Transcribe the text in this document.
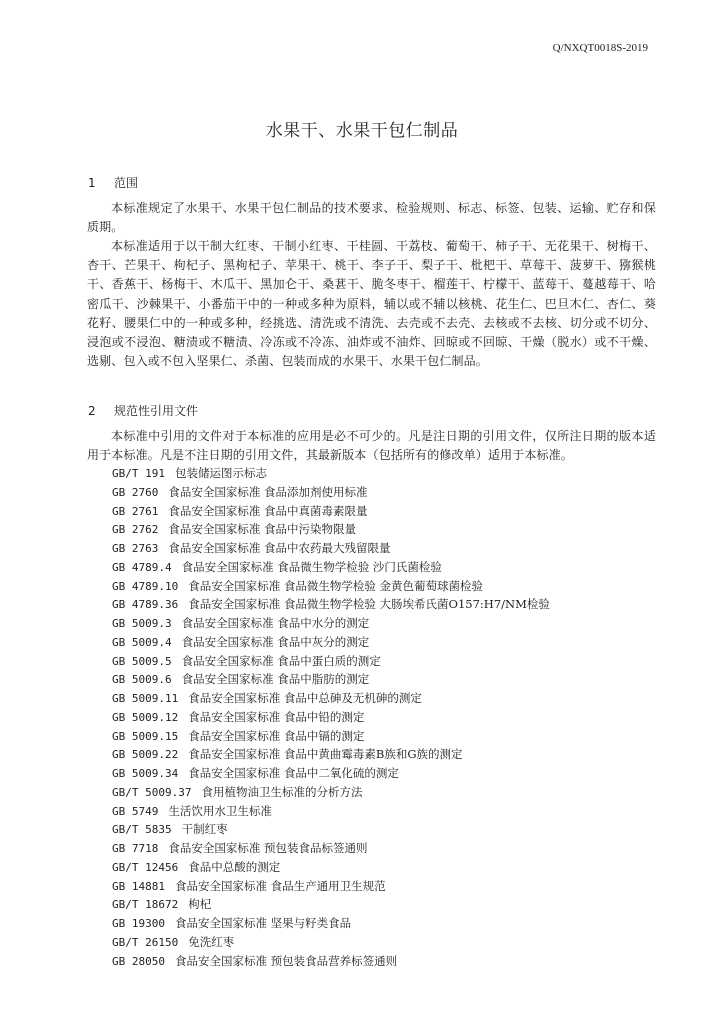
Q/NXQT0018S-2019
水果干、水果干包仁制品
1 范围
本标准规定了水果干、水果干包仁制品的技术要求、检验规则、标志、标签、包装、运输、贮存和保质期。
本标准适用于以干制大红枣、干制小红枣、干桂圆、干荔枝、葡萄干、柿子干、无花果干、树梅干、杏干、芒果干、枸杞子、黑枸杞子、苹果干、桃干、李子干、梨子干、枇杷干、草莓干、菠萝干、猕猴桃干、香蕉干、杨梅干、木瓜干、黑加仑干、桑葚干、脆冬枣干、榴莲干、柠檬干、蓝莓干、蔓越莓干、哈密瓜干、沙棘果干、小番茄干中的一种或多种为原料，辅以或不辅以核桃、花生仁、巴旦木仁、杏仁、葵花籽、腰果仁中的一种或多种，经挑选、清洗或不清洗、去壳或不去壳、去核或不去核、切分或不切分、浸泡或不浸泡、糖渍或不糖渍、冷冻或不冷冻、油炸或不油炸、回晾或不回晾、干燥（脱水）或不干燥、选剔、包入或不包入坚果仁、杀菌、包装而成的水果干、水果干包仁制品。
2 规范性引用文件
本标准中引用的文件对于本标准的应用是必不可少的。凡是注日期的引用文件，仅所注日期的版本适用于本标准。凡是不注日期的引用文件，其最新版本（包括所有的修改单）适用于本标准。
GB/T 191 包装储运图示标志
GB 2760 食品安全国家标准 食品添加剂使用标准
GB 2761 食品安全国家标准 食品中真菌毒素限量
GB 2762 食品安全国家标准 食品中污染物限量
GB 2763 食品安全国家标准 食品中农药最大残留限量
GB 4789.4 食品安全国家标准 食品微生物学检验 沙门氏菌检验
GB 4789.10 食品安全国家标准 食品微生物学检验 金黄色葡萄球菌检验
GB 4789.36 食品安全国家标准 食品微生物学检验 大肠埃希氏菌O157:H7/NM检验
GB 5009.3 食品安全国家标准 食品中水分的测定
GB 5009.4 食品安全国家标准 食品中灰分的测定
GB 5009.5 食品安全国家标准 食品中蛋白质的测定
GB 5009.6 食品安全国家标准 食品中脂肪的测定
GB 5009.11 食品安全国家标准 食品中总砷及无机砷的测定
GB 5009.12 食品安全国家标准 食品中铅的测定
GB 5009.15 食品安全国家标准 食品中镉的测定
GB 5009.22 食品安全国家标准 食品中黄曲霉毒素B族和G族的测定
GB 5009.34 食品安全国家标准 食品中二氧化硫的测定
GB/T 5009.37 食用植物油卫生标准的分析方法
GB 5749 生活饮用水卫生标准
GB/T 5835 干制红枣
GB 7718 食品安全国家标准 预包装食品标签通则
GB/T 12456 食品中总酸的测定
GB 14881 食品安全国家标准 食品生产通用卫生规范
GB/T 18672 枸杞
GB 19300 食品安全国家标准 坚果与籽类食品
GB/T 26150 免洗红枣
GB 28050 食品安全国家标准 预包装食品营养标签通则
